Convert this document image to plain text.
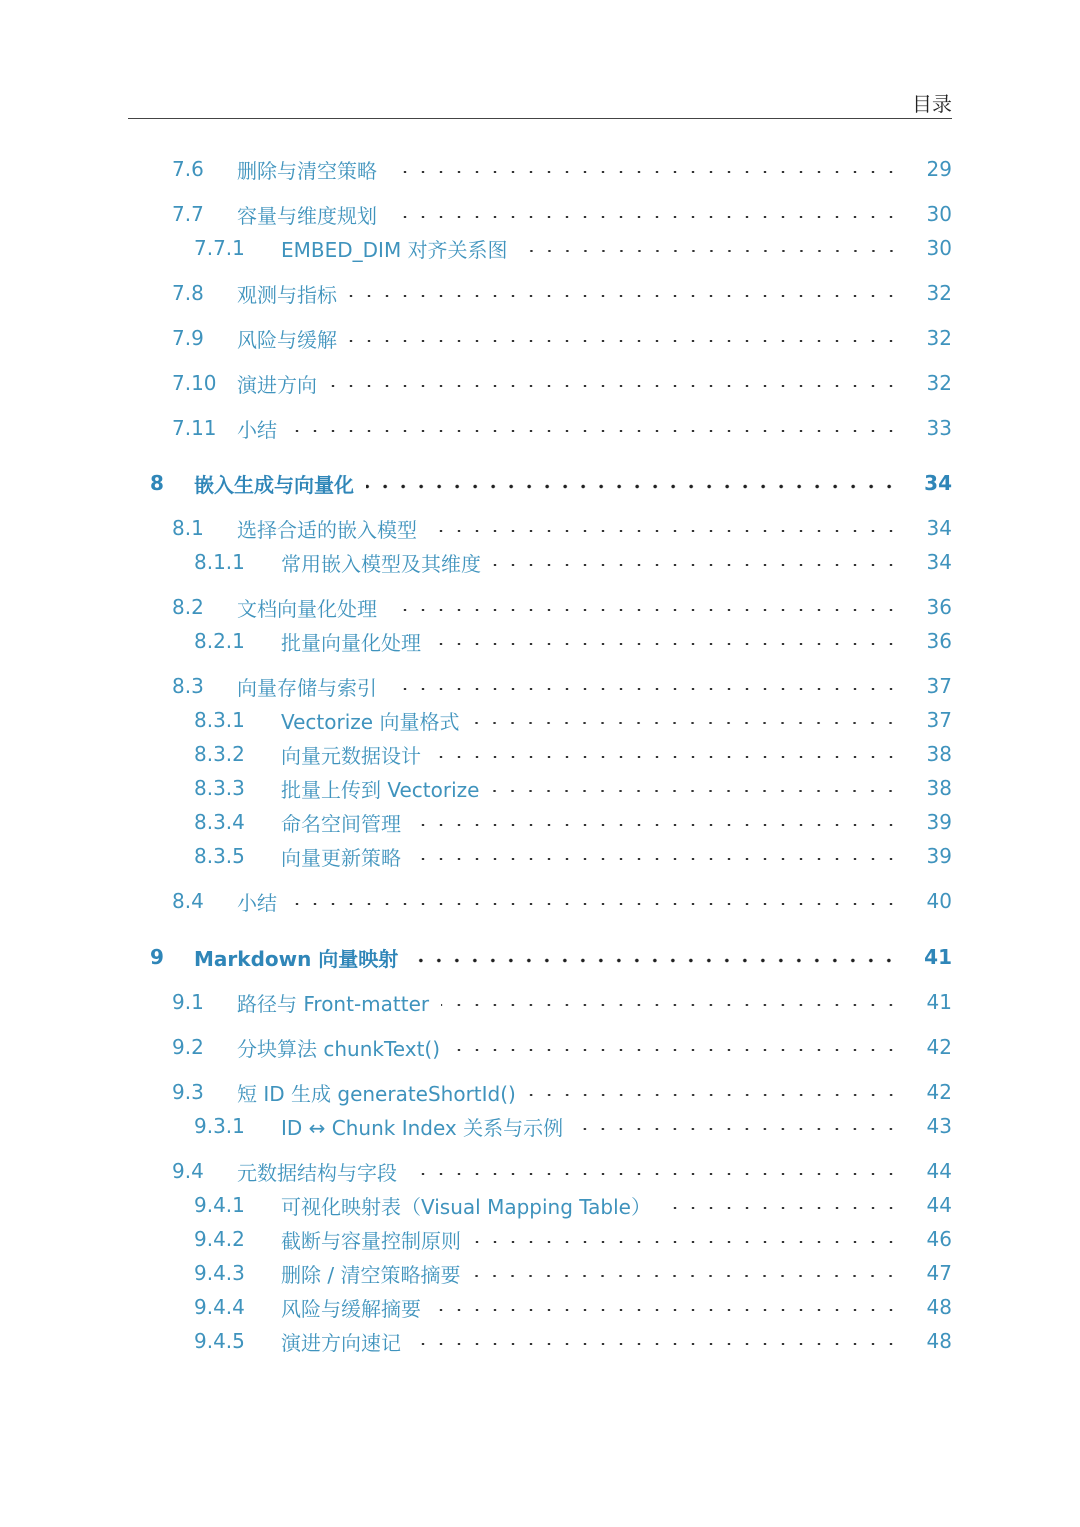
目录
7.6	删除与清空策略	29
7.7	容量与维度规划	30
7.7.1	EMBED_DIM 对齐关系图	30
7.8	观测与指标	32
7.9	风险与缓解	32
7.10	演进方向	32
7.11	小结	33
8	嵌入生成与向量化	34
8.1	选择合适的嵌入模型	34
8.1.1	常用嵌入模型及其维度	34
8.2	文档向量化处理	36
8.2.1	批量向量化处理	36
8.3	向量存储与索引	37
8.3.1	Vectorize 向量格式	37
8.3.2	向量元数据设计	38
8.3.3	批量上传到 Vectorize	38
8.3.4	命名空间管理	39
8.3.5	向量更新策略	39
8.4	小结	40
9	Markdown 向量映射	41
9.1	路径与 Front-matter	41
9.2	分块算法 chunkText()	42
9.3	短 ID 生成 generateShortId()	42
9.3.1	ID ↔ Chunk Index 关系与示例	43
9.4	元数据结构与字段	44
9.4.1	可视化映射表（Visual Mapping Table）	44
9.4.2	截断与容量控制原则	46
9.4.3	删除 / 清空策略摘要	47
9.4.4	风险与缓解摘要	48
9.4.5	演进方向速记	48
